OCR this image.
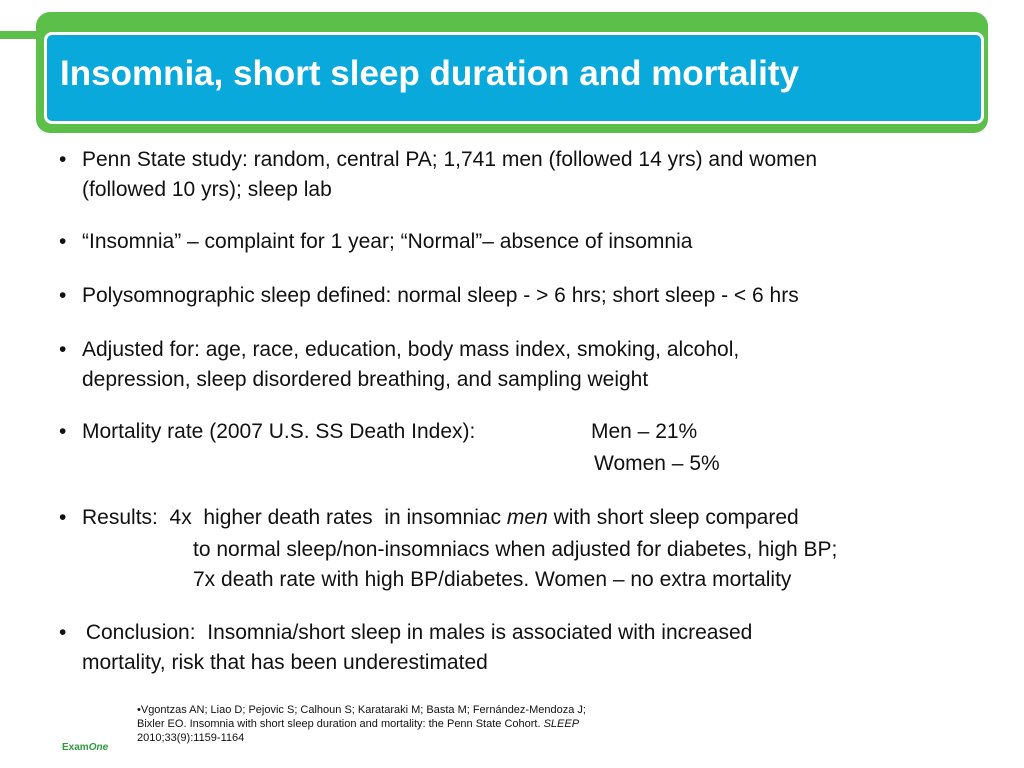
Insomnia, short sleep duration and mortality
• Penn State study: random, central PA; 1,741 men (followed 14 yrs) and women
(followed 10 yrs); sleep lab
• “Insomnia” – complaint for 1 year; “Normal”– absence of insomnia
• Polysomnographic sleep defined: normal sleep - > 6 hrs; short sleep - < 6 hrs
• Adjusted for: age, race, education, body mass index, smoking, alcohol,
depression, sleep disordered breathing, and sampling weight
• Mortality rate (2007 U.S. SS Death Index):	Men – 21%
Women – 5%
• Results:  4x  higher death rates  in insomniac men with short sleep compared
to normal sleep/non-insomniacs when adjusted for diabetes, high BP;
7x death rate with high BP/diabetes. Women – no extra mortality
• Conclusion:  Insomnia/short sleep in males is associated with increased
mortality, risk that has been underestimated
•Vgontzas AN; Liao D; Pejovic S; Calhoun S; Karataraki M; Basta M; Fernández-Mendoza J;
Bixler EO. Insomnia with short sleep duration and mortality: the Penn State Cohort. SLEEP
2010;33(9):1159-1164
ExamOne
